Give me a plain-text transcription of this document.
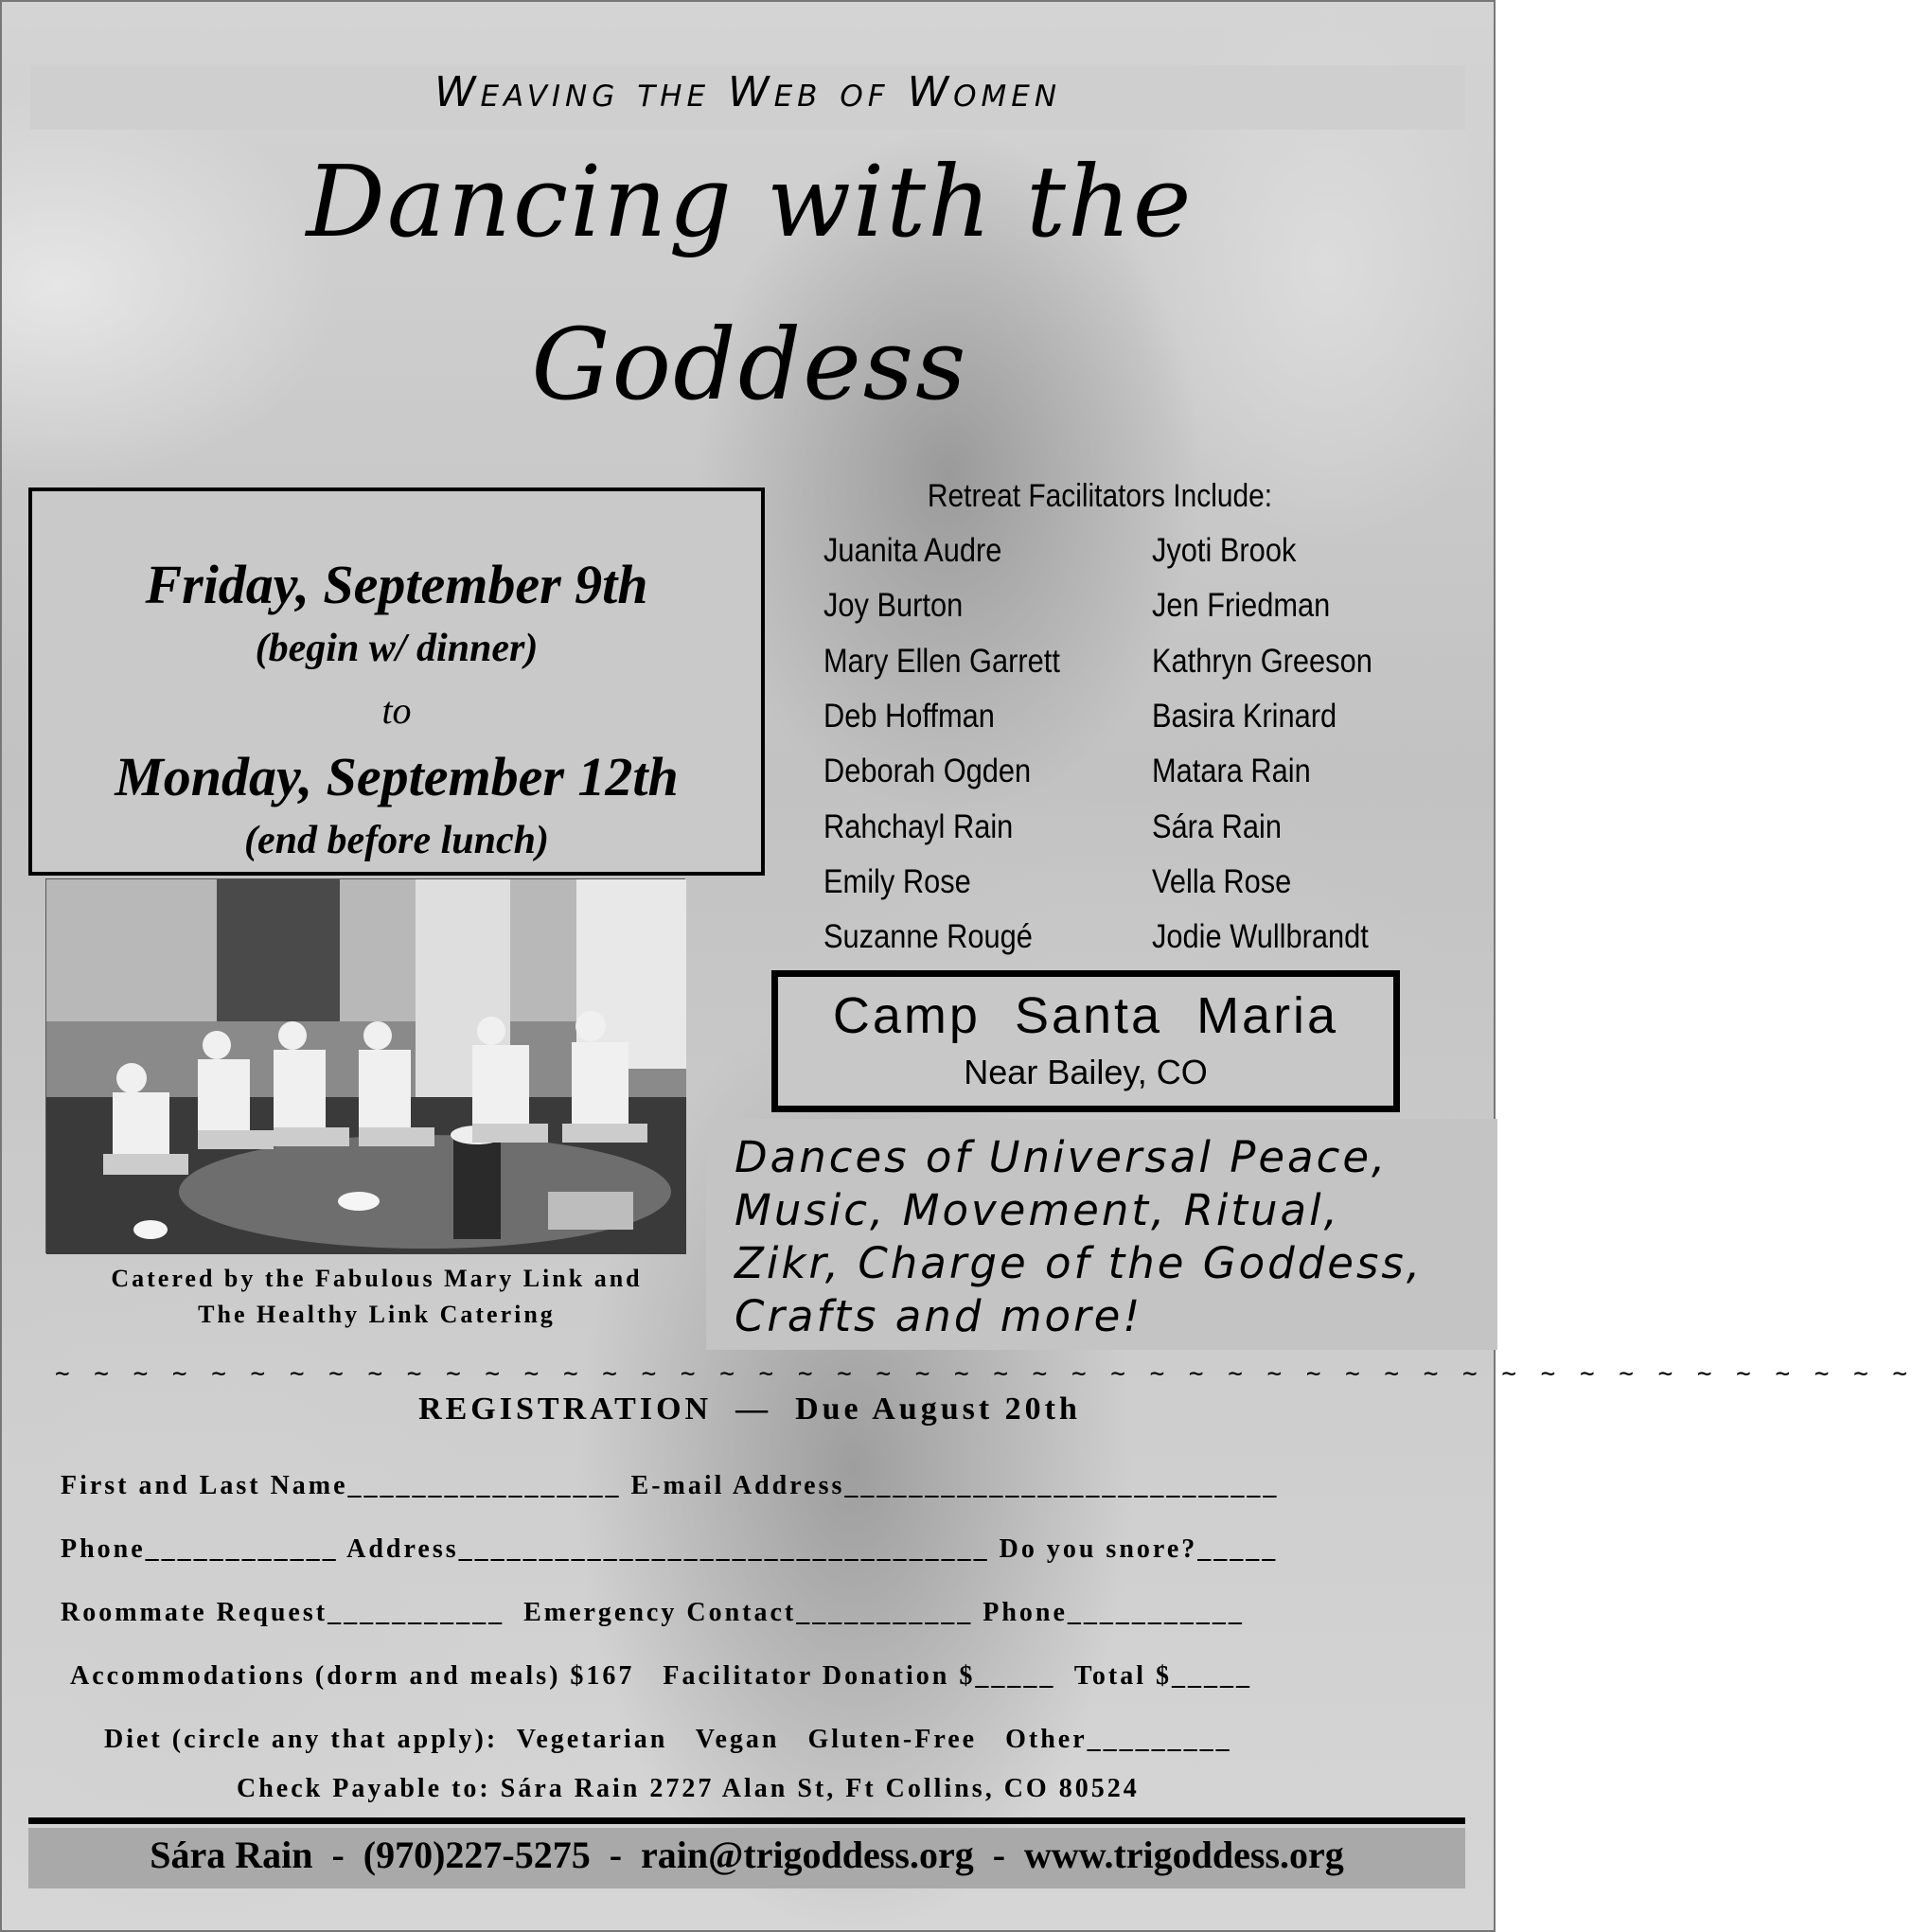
Weaving the Web of Women
Dancing with the
Goddess
Friday, September 9th
(begin w/ dinner)
to
Monday, September 12th
(end before lunch)
Catered by the Fabulous Mary Link and
The Healthy Link Catering
Retreat Facilitators Include:
Juanita Audre
Joy Burton
Mary Ellen Garrett
Deb Hoffman
Deborah Ogden
Rahchayl Rain
Emily Rose
Suzanne Rougé
Jyoti Brook
Jen Friedman
Kathryn Greeson
Basira Krinard
Matara Rain
Sára Rain
Vella Rose
Jodie Wullbrandt
Camp  Santa  Maria
Near Bailey, CO
Dances of Universal Peace,
Music, Movement, Ritual,
Zikr, Charge of the Goddess,
Crafts and more!
~ ~ ~ ~ ~ ~ ~ ~ ~ ~ ~ ~ ~ ~ ~ ~ ~ ~ ~ ~ ~ ~ ~ ~ ~ ~ ~ ~ ~ ~ ~ ~ ~ ~ ~ ~ ~ ~ ~ ~ ~ ~ ~ ~ ~ ~ ~ ~
REGISTRATION  —  Due August 20th
First and Last Name_________________ E-mail Address___________________________
Phone____________ Address_________________________________ Do you snore?_____
Roommate Request___________  Emergency Contact___________ Phone___________
Accommodations (dorm and meals) $167   Facilitator Donation $_____  Total $_____
Diet (circle any that apply):  Vegetarian   Vegan   Gluten-Free   Other_________
Check Payable to: Sára Rain 2727 Alan St, Ft Collins, CO 80524
Sára Rain  -  (970)227-5275  -  rain@trigoddess.org  -  www.trigoddess.org
